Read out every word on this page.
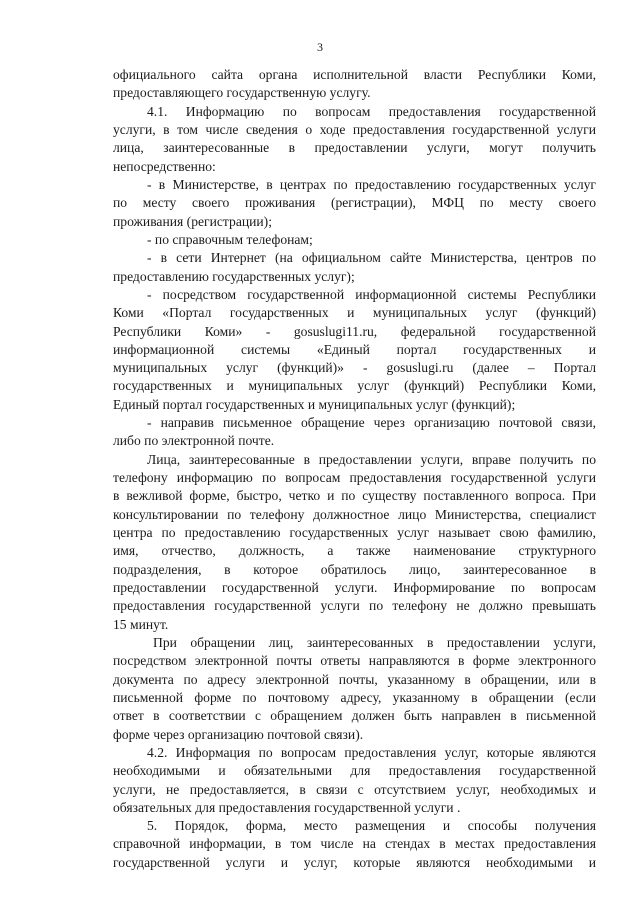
3
официального сайта органа исполнительной власти Республики Коми,
предоставляющего государственную услугу.
4.1. Информацию по вопросам предоставления государственной
услуги, в том числе сведения о ходе предоставления государственной услуги
лица, заинтересованные в предоставлении услуги, могут получить
непосредственно:
- в Министерстве, в центрах по предоставлению государственных услуг
по месту своего проживания (регистрации), МФЦ по месту своего
проживания (регистрации);
- по справочным телефонам;
- в сети Интернет (на официальном сайте Министерства, центров по
предоставлению государственных услуг);
- посредством государственной информационной системы Республики
Коми «Портал государственных и муниципальных услуг (функций)
Республики Коми» - gosuslugi11.ru, федеральной государственной
информационной системы «Единый портал государственных и
муниципальных услуг (функций)» - gosuslugi.ru (далее – Портал
государственных и муниципальных услуг (функций) Республики Коми,
Единый портал государственных и муниципальных услуг (функций);
- направив письменное обращение через организацию почтовой связи,
либо по электронной почте.
Лица, заинтересованные в предоставлении услуги, вправе получить по
телефону информацию по вопросам предоставления государственной услуги
в вежливой форме, быстро, четко и по существу поставленного вопроса. При
консультировании по телефону должностное лицо Министерства, специалист
центра по предоставлению государственных услуг называет свою фамилию,
имя, отчество, должность, а также наименование структурного
подразделения, в которое обратилось лицо, заинтересованное в
предоставлении государственной услуги. Информирование по вопросам
предоставления государственной услуги по телефону не должно превышать
15 минут.
При обращении лиц, заинтересованных в предоставлении услуги,
посредством электронной почты ответы направляются в форме электронного
документа по адресу электронной почты, указанному в обращении, или в
письменной форме по почтовому адресу, указанному в обращении (если
ответ в соответствии с обращением должен быть направлен в письменной
форме через организацию почтовой связи).
4.2. Информация по вопросам предоставления услуг, которые являются
необходимыми и обязательными для предоставления государственной
услуги, не предоставляется, в связи с отсутствием услуг, необходимых и
обязательных для предоставления государственной услуги .
5. Порядок, форма, место размещения и способы получения
справочной информации, в том числе на стендах в местах предоставления
государственной услуги и услуг, которые являются необходимыми и
